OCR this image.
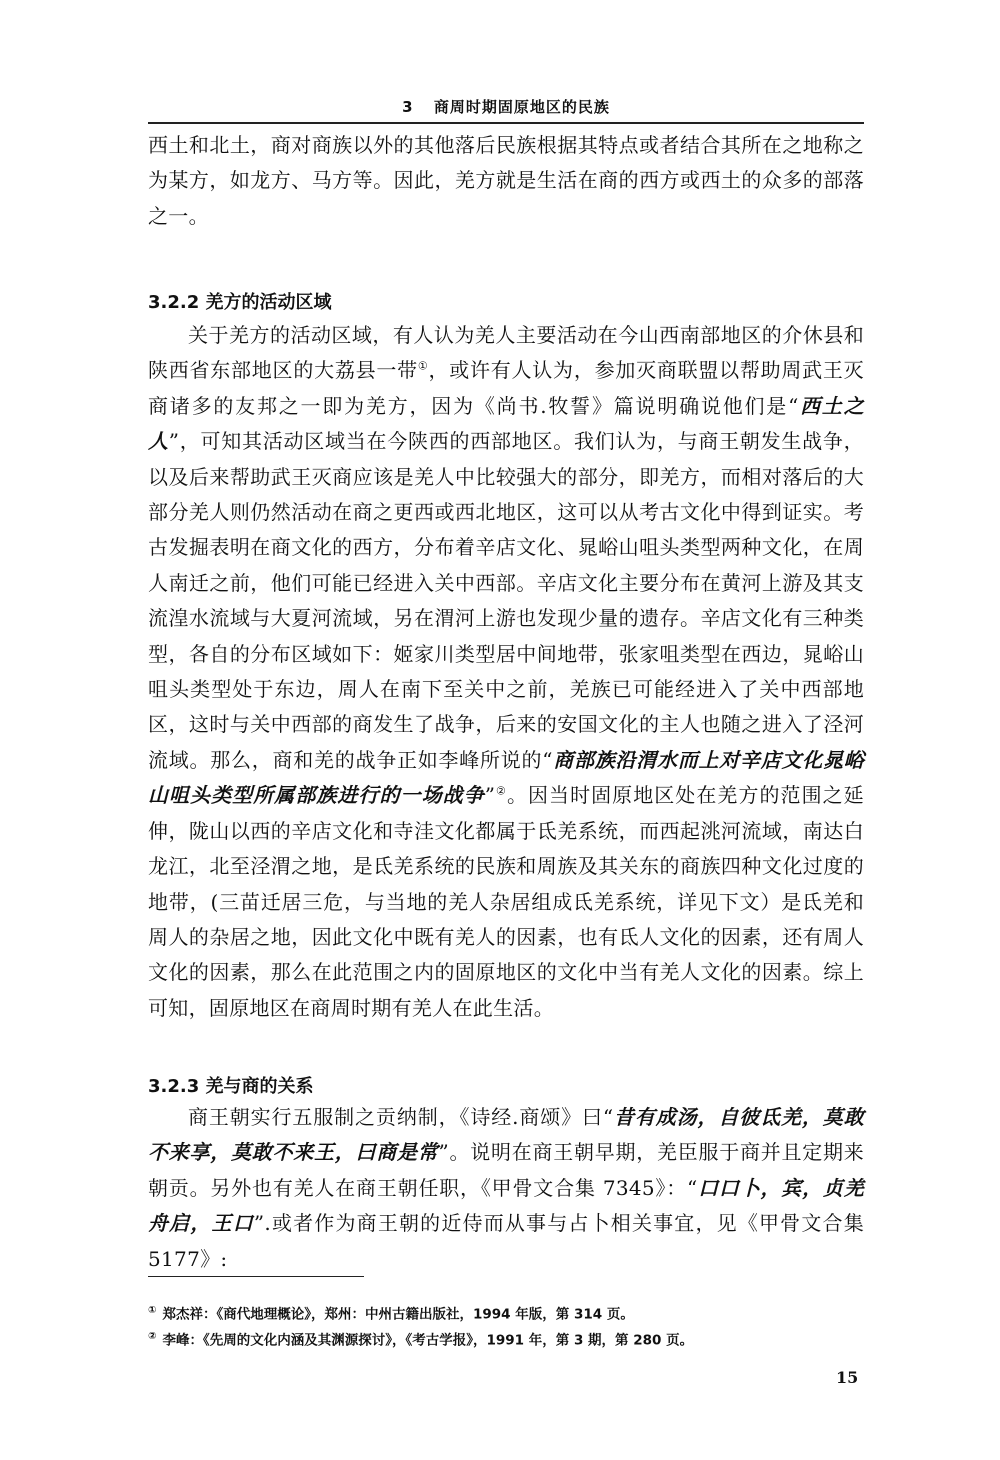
3 商周时期固原地区的民族

西土和北土，商对商族以外的其他落后民族根据其特点或者结合其所在之地称之为某方，如龙方、马方等。因此，羌方就是生活在商的西方或西土的众多的部落之一。

3.2.2 羌方的活动区域

关于羌方的活动区域，有人认为羌人主要活动在今山西南部地区的介休县和陕西省东部地区的大荔县一带①，或许有人认为，参加灭商联盟以帮助周武王灭商诸多的友邦之一即为羌方，因为《尚书.牧誓》篇说明确说他们是“西土之人”，可知其活动区域当在今陕西的西部地区。我们认为，与商王朝发生战争，以及后来帮助武王灭商应该是羌人中比较强大的部分，即羌方，而相对落后的大部分羌人则仍然活动在商之更西或西北地区，这可以从考古文化中得到证实。考古发掘表明在商文化的西方，分布着辛店文化、晁峪山咀头类型两种文化，在周人南迁之前，他们可能已经进入关中西部。辛店文化主要分布在黄河上游及其支流湟水流域与大夏河流域，另在渭河上游也发现少量的遗存。辛店文化有三种类型，各自的分布区域如下：姬家川类型居中间地带，张家咀类型在西边，晁峪山咀头类型处于东边，周人在南下至关中之前，羌族已可能经进入了关中西部地区，这时与关中西部的商发生了战争，后来的安国文化的主人也随之进入了泾河流域。那么，商和羌的战争正如李峰所说的“商部族沿渭水而上对辛店文化晁峪山咀头类型所属部族进行的一场战争”②。因当时固原地区处在羌方的范围之延伸，陇山以西的辛店文化和寺洼文化都属于氐羌系统，而西起洮河流域，南达白龙江，北至泾渭之地，是氐羌系统的民族和周族及其关东的商族四种文化过度的地带，(三苗迁居三危，与当地的羌人杂居组成氐羌系统，详见下文）是氐羌和周人的杂居之地，因此文化中既有羌人的因素，也有氐人文化的因素，还有周人文化的因素，那么在此范围之内的固原地区的文化中当有羌人文化的因素。综上可知，固原地区在商周时期有羌人在此生活。

3.2.3 羌与商的关系

商王朝实行五服制之贡纳制，《诗经.商颂》曰“昔有成汤，自彼氐羌，莫敢不来享，莫敢不来王，曰商是常”。说明在商王朝早期，羌臣服于商并且定期来朝贡。另外也有羌人在商王朝任职，《甲骨文合集 7345》：“口口卜，宾，贞羌舟启，王口”.或者作为商王朝的近侍而从事与占卜相关事宜，见《甲骨文合集 5177》:

① 郑杰祥：《商代地理概论》，郑州：中州古籍出版社，1994 年版，第 314 页。

② 李峰：《先周的文化内涵及其渊源探讨》，《考古学报》，1991 年，第 3 期，第 280 页。

15
